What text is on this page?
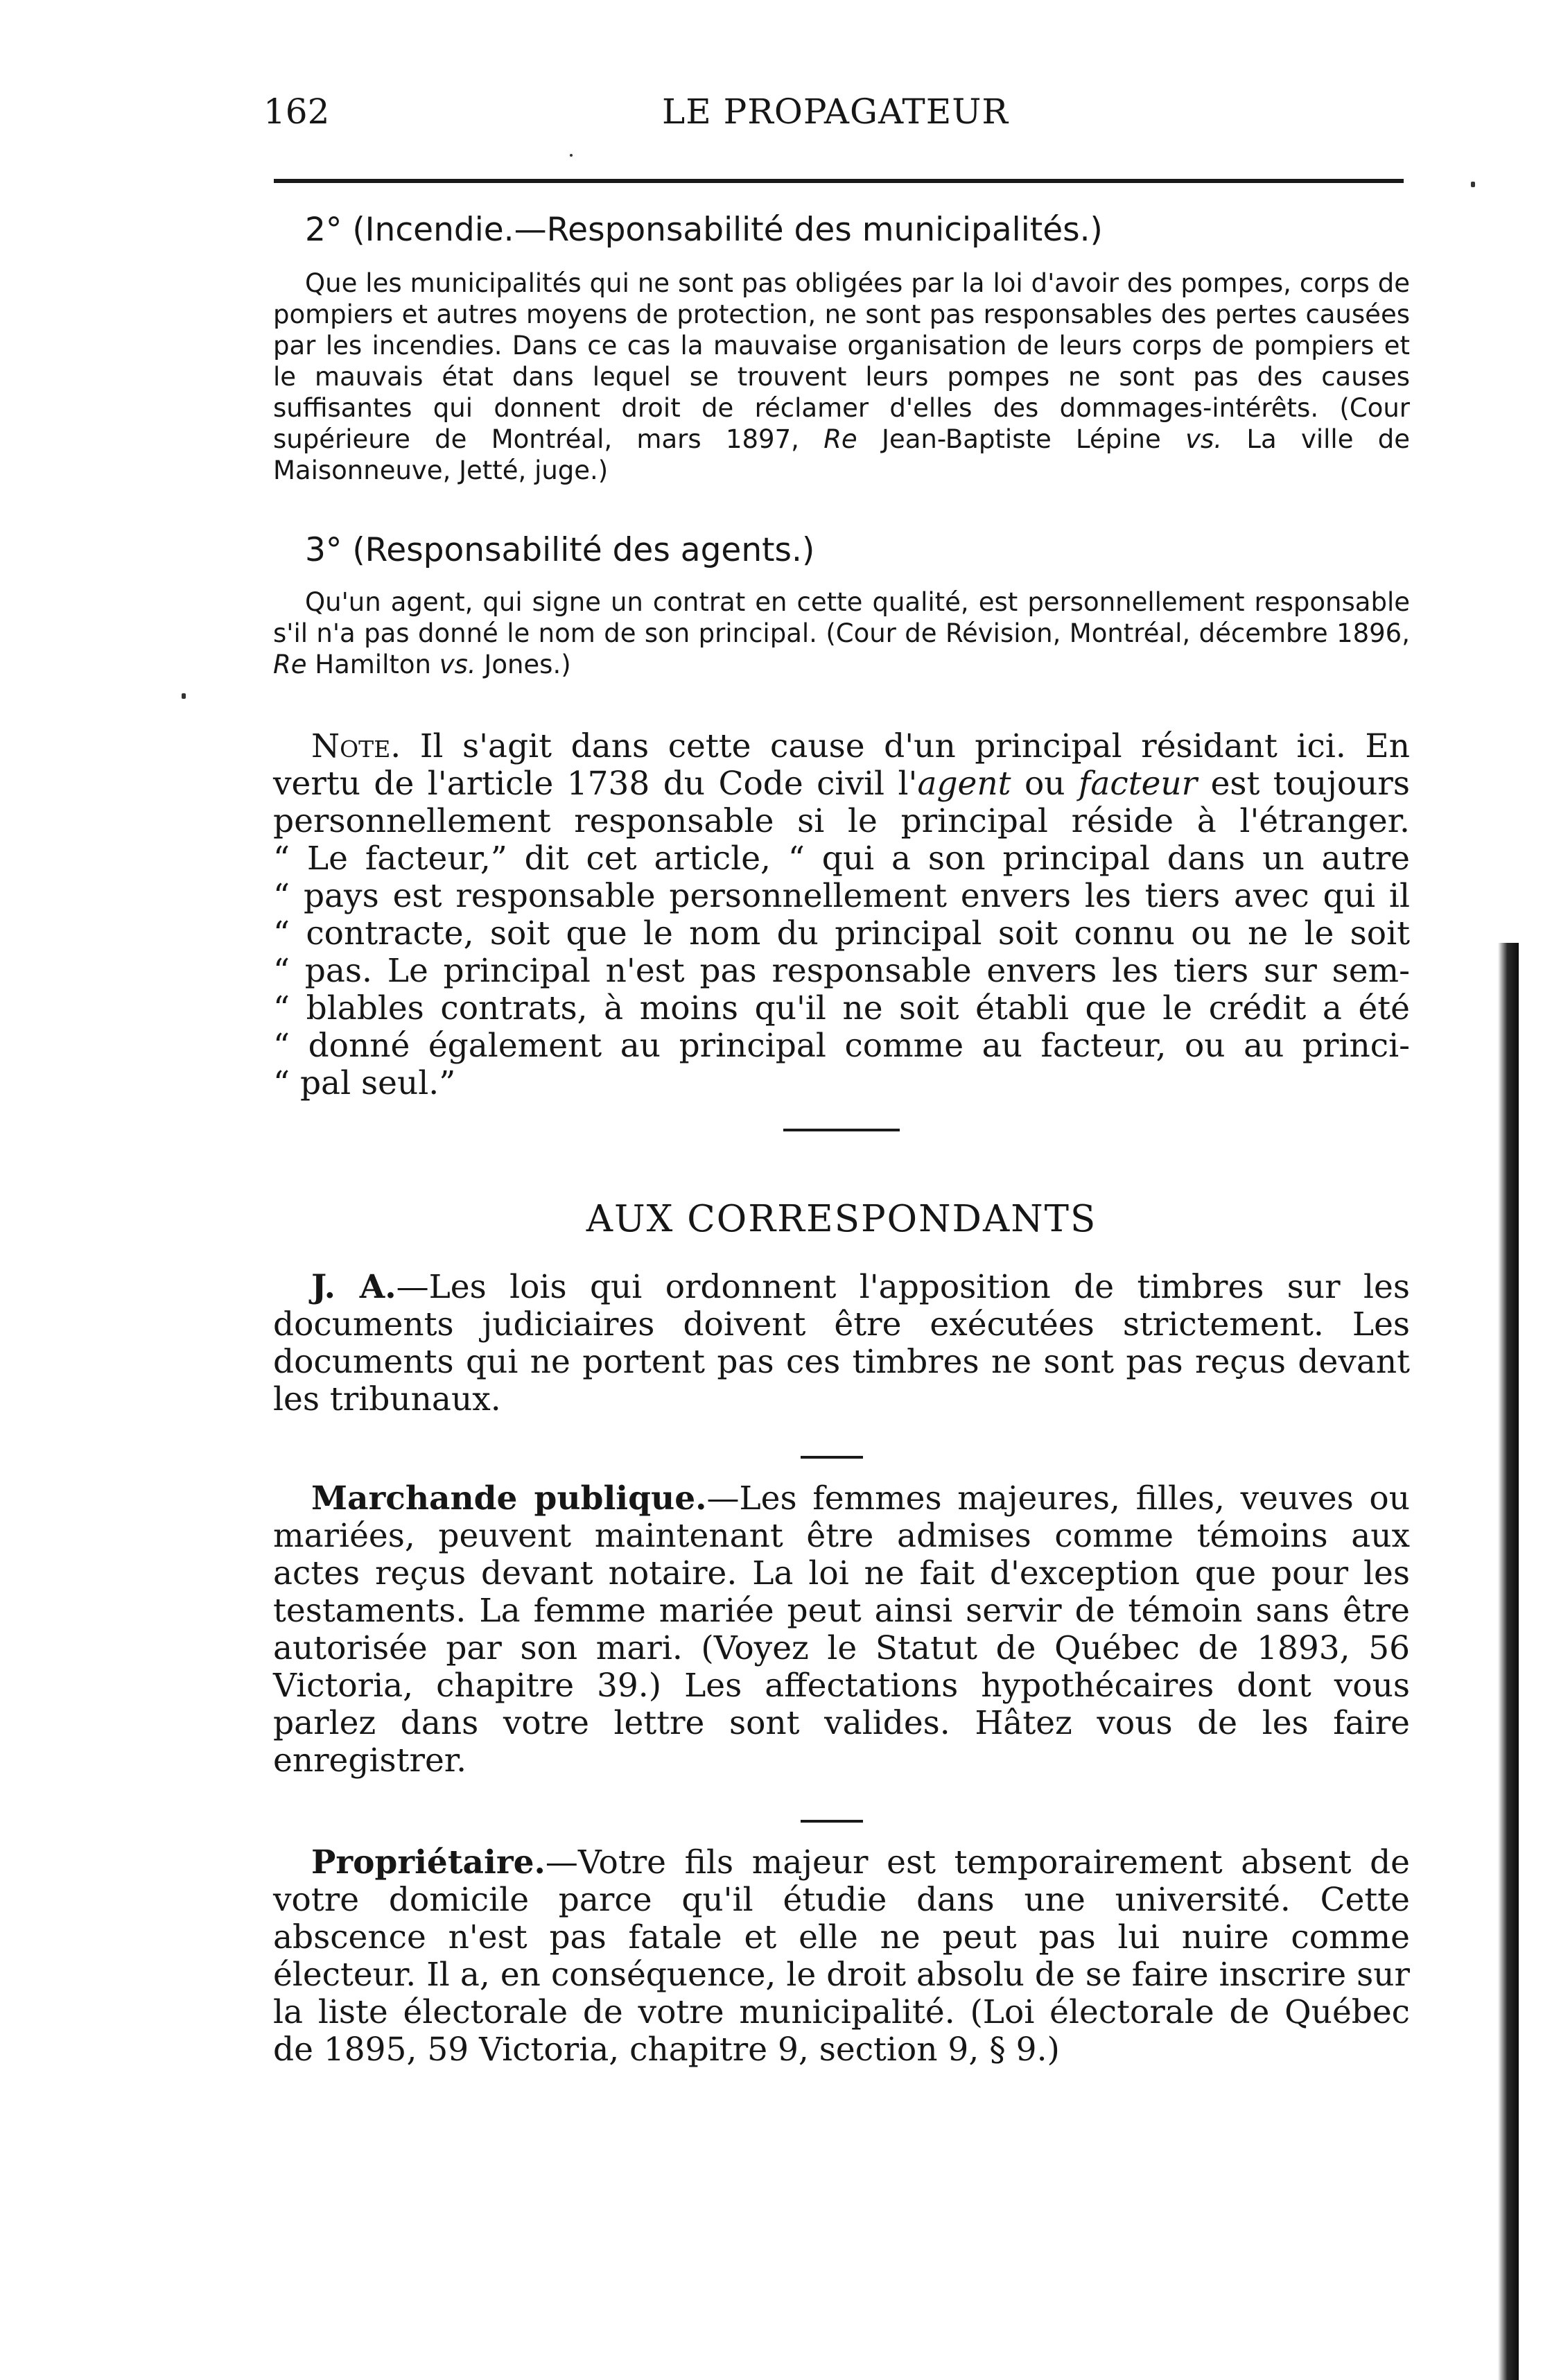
162	LE PROPAGATEUR
2° (Incendie.—Responsabilité des municipalités.)
Que les municipalités qui ne sont pas obligées par la loi d'avoir des pompes, corps de pompiers et autres moyens de protection, ne sont pas responsables des pertes causées par les incendies. Dans ce cas la mauvaise organisation de leurs corps de pompiers et le mauvais état dans lequel se trouvent leurs pompes ne sont pas des causes suffisantes qui donnent droit de réclamer d'elles des dommages-intérêts. (Cour supérieure de Montréal, mars 1897, Re Jean-Baptiste Lépine vs. La ville de Maisonneuve, Jetté, juge.)
3° (Responsabilité des agents.)
Qu'un agent, qui signe un contrat en cette qualité, est personnellement responsable s'il n'a pas donné le nom de son principal. (Cour de Révision, Montréal, décembre 1896, Re Hamilton vs. Jones.)
Note. Il s'agit dans cette cause d'un principal résidant ici. En
vertu de l'article 1738 du Code civil l'agent ou facteur est toujours
personnellement responsable si le principal réside à l'étranger.
“ Le facteur,” dit cet article, “ qui a son principal dans un autre
“ pays est responsable personnellement envers les tiers avec qui il
“ contracte, soit que le nom du principal soit connu ou ne le soit
“ pas. Le principal n'est pas responsable envers les tiers sur sem-
“ blables contrats, à moins qu'il ne soit établi que le crédit a été
“ donné également au principal comme au facteur, ou au princi-
“ pal seul.”
AUX CORRESPONDANTS
J. A.—Les lois qui ordonnent l'apposition de timbres sur les documents judiciaires doivent être exécutées strictement. Les documents qui ne portent pas ces timbres ne sont pas reçus devant les tribunaux.
Marchande publique.—Les femmes majeures, filles, veuves ou mariées, peuvent maintenant être admises comme témoins aux actes reçus devant notaire. La loi ne fait d'exception que pour les testaments. La femme mariée peut ainsi servir de témoin sans être autorisée par son mari. (Voyez le Statut de Québec de 1893, 56 Victoria, chapitre 39.) Les affectations hypothécaires dont vous parlez dans votre lettre sont valides. Hâtez vous de les faire enregistrer.
Propriétaire.—Votre fils majeur est temporairement absent de votre domicile parce qu'il étudie dans une université. Cette abscence n'est pas fatale et elle ne peut pas lui nuire comme électeur. Il a, en conséquence, le droit absolu de se faire inscrire sur la liste électorale de votre municipalité. (Loi électorale de Québec de 1895, 59 Victoria, chapitre 9, section 9, § 9.)
